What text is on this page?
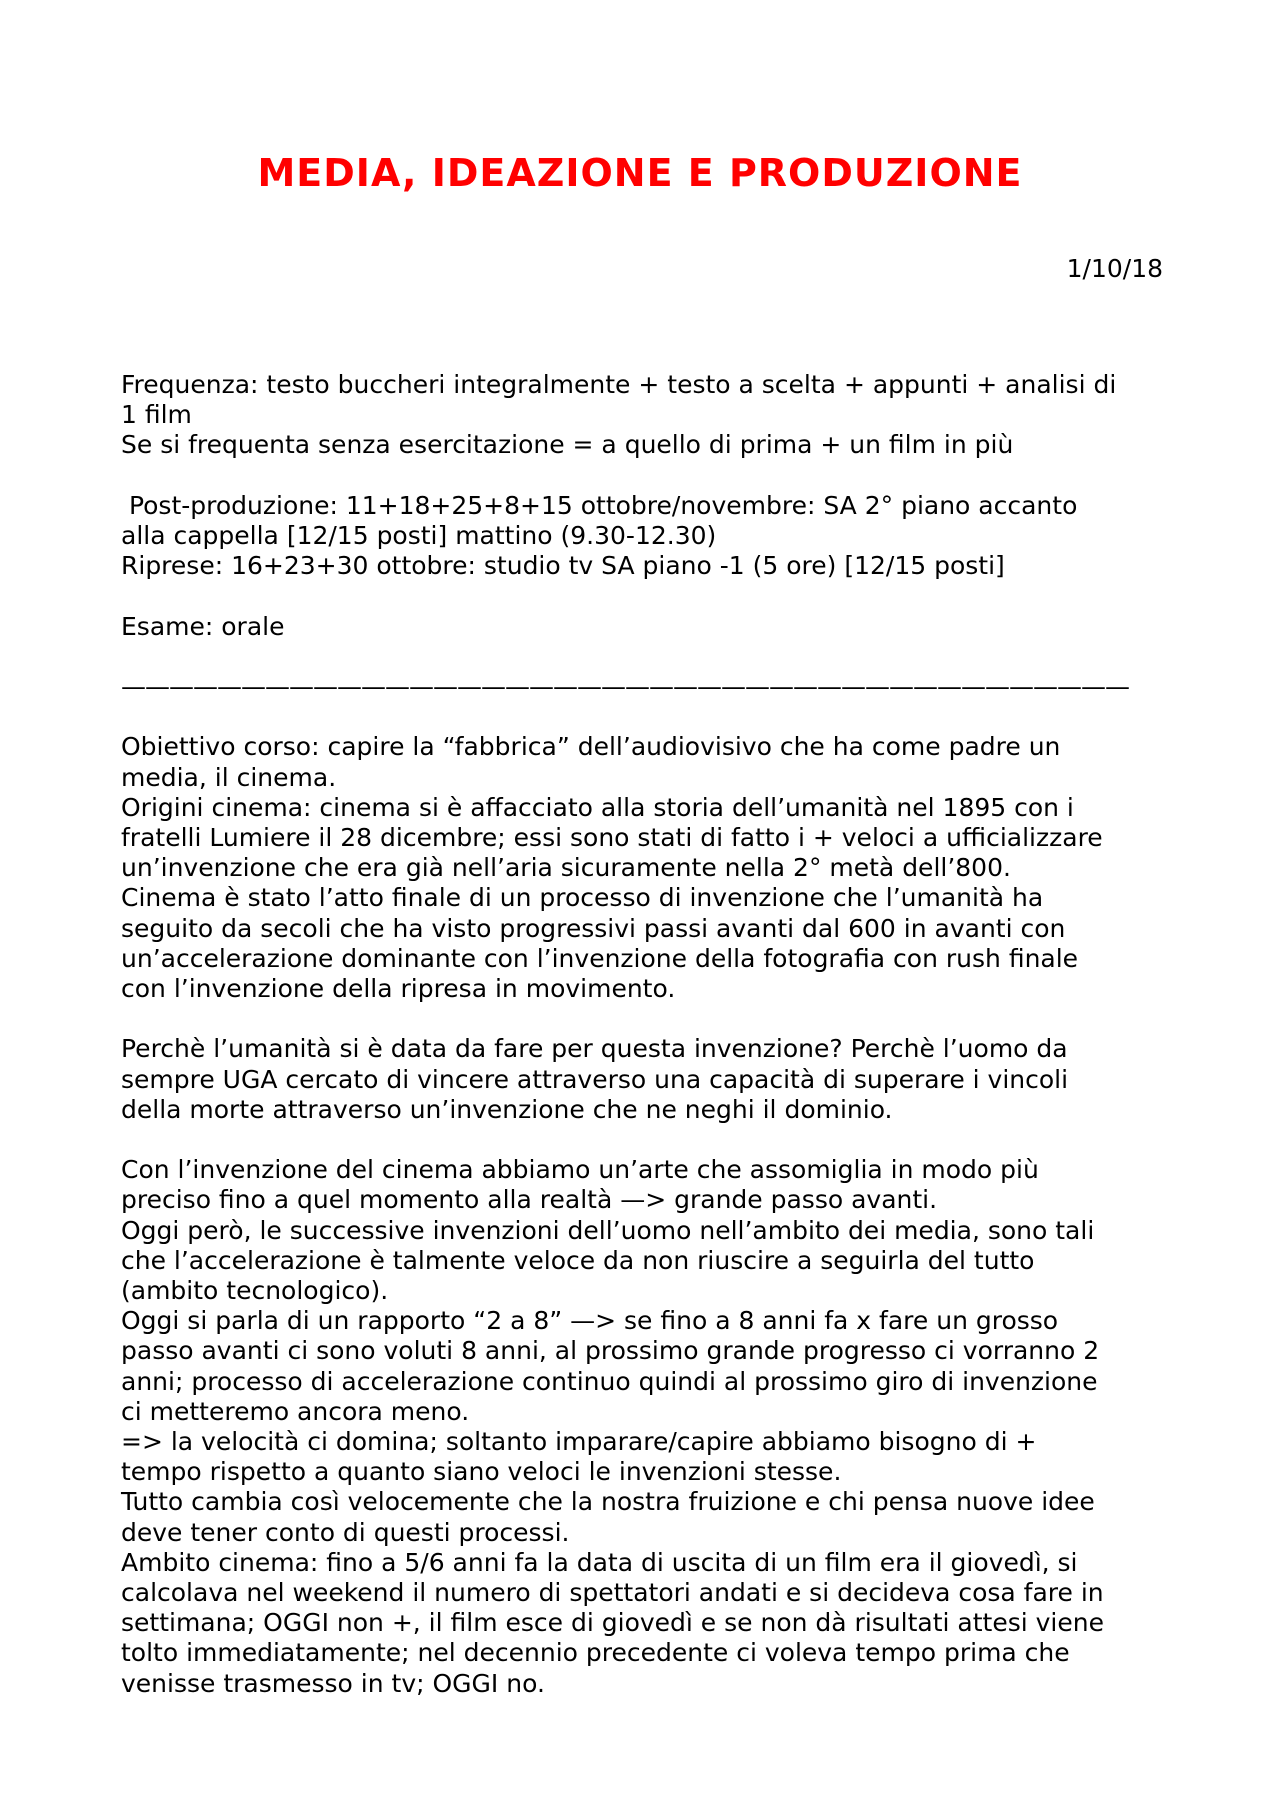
MEDIA, IDEAZIONE E PRODUZIONE
1/10/18

Frequenza: testo buccheri integralmente + testo a scelta + appunti + analisi di

1 film

Se si frequenta senza esercitazione = a quello di prima + un film in più

Post-produzione: 11+18+25+8+15 ottobre/novembre: SA 2° piano accanto

alla cappella [12/15 posti] mattino (9.30-12.30)

Riprese: 16+23+30 ottobre: studio tv SA piano -1 (5 ore) [12/15 posti]

Esame: orale

——————————————————————————————————————————

Obiettivo corso: capire la “fabbrica” dell’audiovisivo che ha come padre un

media, il cinema.

Origini cinema: cinema si è affacciato alla storia dell’umanità nel 1895 con i

fratelli Lumiere il 28 dicembre; essi sono stati di fatto i + veloci a ufficializzare

un’invenzione che era già nell’aria sicuramente nella 2° metà dell’800.

Cinema è stato l’atto finale di un processo di invenzione che l’umanità ha

seguito da secoli che ha visto progressivi passi avanti dal 600 in avanti con

un’accelerazione dominante con l’invenzione della fotografia con rush finale

con l’invenzione della ripresa in movimento.

Perchè l’umanità si è data da fare per questa invenzione? Perchè l’uomo da

sempre UGA cercato di vincere attraverso una capacità di superare i vincoli

della morte attraverso un’invenzione che ne neghi il dominio.

Con l’invenzione del cinema abbiamo un’arte che assomiglia in modo più

preciso fino a quel momento alla realtà —> grande passo avanti.

Oggi però, le successive invenzioni dell’uomo nell’ambito dei media, sono tali

che l’accelerazione è talmente veloce da non riuscire a seguirla del tutto

(ambito tecnologico).

Oggi si parla di un rapporto “2 a 8” —> se fino a 8 anni fa x fare un grosso

passo avanti ci sono voluti 8 anni, al prossimo grande progresso ci vorranno 2

anni; processo di accelerazione continuo quindi al prossimo giro di invenzione

ci metteremo ancora meno.

=> la velocità ci domina; soltanto imparare/capire abbiamo bisogno di +

tempo rispetto a quanto siano veloci le invenzioni stesse.

Tutto cambia così velocemente che la nostra fruizione e chi pensa nuove idee

deve tener conto di questi processi.

Ambito cinema: fino a 5/6 anni fa la data di uscita di un film era il giovedì, si

calcolava nel weekend il numero di spettatori andati e si decideva cosa fare in

settimana; OGGI non +, il film esce di giovedì e se non dà risultati attesi viene

tolto immediatamente; nel decennio precedente ci voleva tempo prima che

venisse trasmesso in tv; OGGI no.
